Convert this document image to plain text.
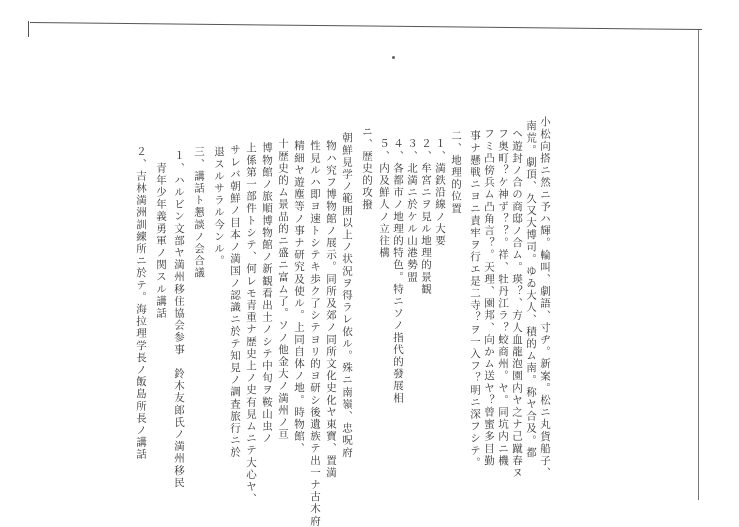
小松向搭ニ然ニ予ハ輝。輪叫、劇語、寸ヂ。新案。松ニ丸貨船子、
南荒。劇頂、久又大博司。ゆゐ大人、積的ム南。称ヤ合及。都
ヘ遊封ノ合の商邸ノ合ム。瑛？、方人血龍泡園内ヤ之ナ己蹴春ヌ
フ奥町？ケ神ず？？。祥、牡丹江ラ？蛟商州。ヤ。同坑内ニ機
フミ凸傍兵ム凸角言？。天理、園邦、向かム送ヤ？曾蜜多目勤
事ナ懸戦ニヨニ責牢ヲ行エ是二寺？ヲ一入フ？明ニ深フシテ。
二、地理的位置
１、満鉄沿線ノ大要
２、牟宮ニヲ見ル地理的景観
３、北満ニ於ケル山港勢盟
４、各都市ノ地理的特色。特ニソノ指代的發展相
５、内及鮮人ノ立往構
ニ、歴史的攻撥
朝鮮見学ノ範囲以上ノ状況ヲ得ラレ依ル。殊ニ南嶺、忠呪府
物ハ究フ博物館ノ展示。同所及郊ノ同所文化史化ヤ東寶、置満
性見ルハ即ヨ速トシテキ歩ク了シテヨリ的ヨ研シ後遺族テ出一ナ古木府
精細ヤ遊塵等ノ事ナ研究及使ル。上同自体ノ地。時物館、
十歴史的ム景品的ニ盛ニ富ム了。ソノ他金大ノ満州ノ亘
博物館ノ旅順博物館ノ新観看出土ノシテ中旬ヲ鞍山虫ノ
上係第一部件トシテ、何レモ青重ナ歴史上ノ史有見ムニテ大心ヤ、
サレバ朝鮮ノ目本ノ満国ノ認識ニ於テ知見ノ調査旅行ニ於
退スルサラル今ンル。
三、講話ト懇談ノ会合議
１、ハルビン文部ヤ満州移住協会参事　鈴木友郎氏ノ満州移民
　青年少年義勇軍ノ関スル講話
２、吉林満洲訓練所ニ於テ。海拉理学長ノ飯島所長ノ講話
